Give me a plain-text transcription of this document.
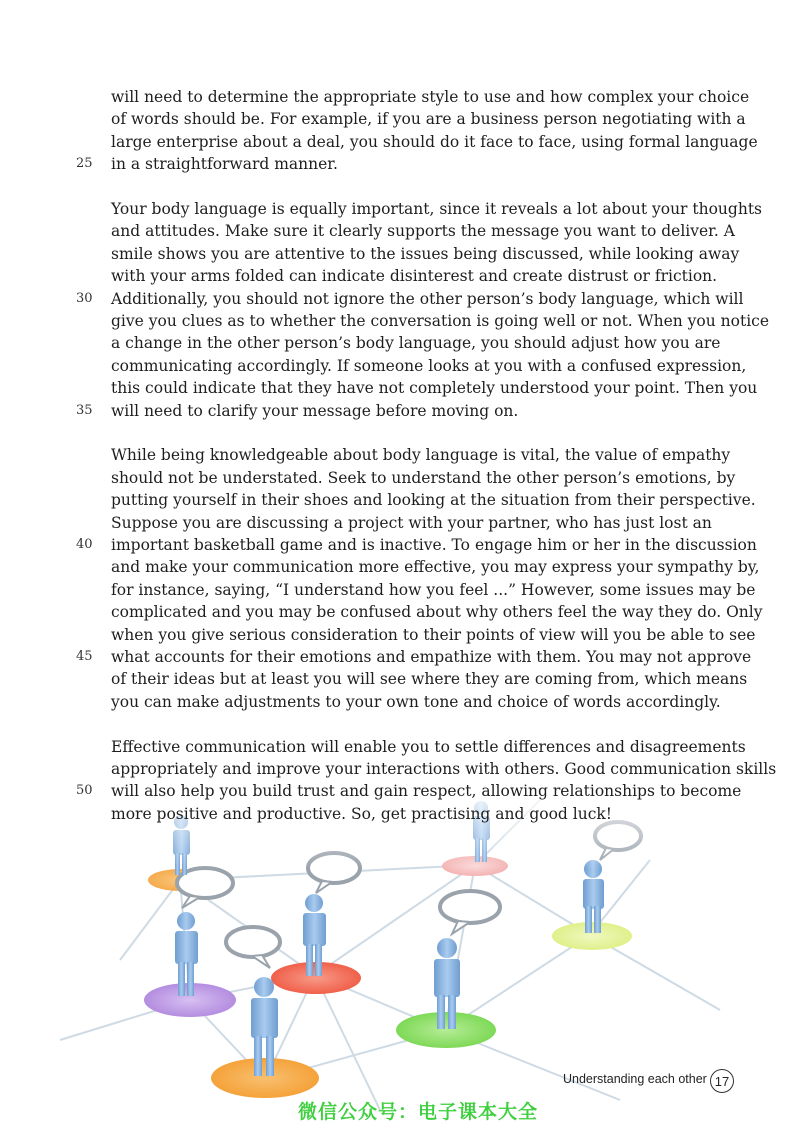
will need to determine the appropriate style to use and how complex your choice
of words should be. For example, if you are a business person negotiating with a
large enterprise about a deal, you should do it face to face, using formal language
in a straightforward manner.
25
Your body language is equally important, since it reveals a lot about your thoughts
and attitudes. Make sure it clearly supports the message you want to deliver. A
smile shows you are attentive to the issues being discussed, while looking away
with your arms folded can indicate disinterest and create distrust or friction.
Additionally, you should not ignore the other person’s body language, which will
30
give you clues as to whether the conversation is going well or not. When you notice
a change in the other person’s body language, you should adjust how you are
communicating accordingly. If someone looks at you with a confused expression,
this could indicate that they have not completely understood your point. Then you
will need to clarify your message before moving on.
35
While being knowledgeable about body language is vital, the value of empathy
should not be understated. Seek to understand the other person’s emotions, by
putting yourself in their shoes and looking at the situation from their perspective.
Suppose you are discussing a project with your partner, who has just lost an
important basketball game and is inactive. To engage him or her in the discussion
40
and make your communication more effective, you may express your sympathy by,
for instance, saying, “I understand how you feel ...” However, some issues may be
complicated and you may be confused about why others feel the way they do. Only
when you give serious consideration to their points of view will you be able to see
what accounts for their emotions and empathize with them. You may not approve
45
of their ideas but at least you will see where they are coming from, which means
you can make adjustments to your own tone and choice of words accordingly.
Effective communication will enable you to settle differences and disagreements
appropriately and improve your interactions with others. Good communication skills
will also help you build trust and gain respect, allowing relationships to become
50
more positive and productive. So, get practising and good luck!
Understanding each other 17
微信公众号：电子课本大全
